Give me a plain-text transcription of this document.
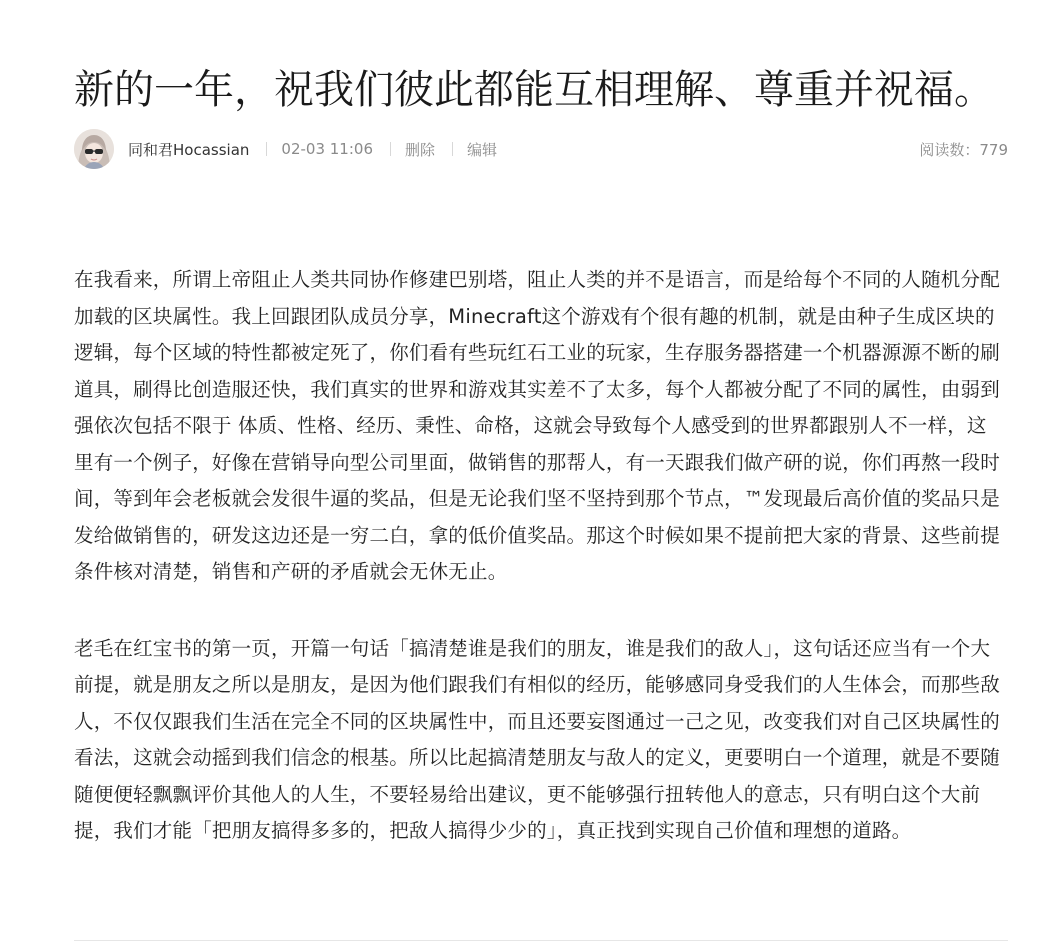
新的一年，祝我们彼此都能互相理解、尊重并祝福。
同和君Hocassian 02-03 11:06 删除 编辑	阅读数：779

在我看来，所谓上帝阻止人类共同协作修建巴别塔，阻止人类的并不是语言，而是给每个不同的人随机分配加载的区块属性。我上回跟团队成员分享，Minecraft这个游戏有个很有趣的机制，就是由种子生成区块的逻辑，每个区域的特性都被定死了，你们看有些玩红石工业的玩家，生存服务器搭建一个机器源源不断的刷道具，刷得比创造服还快，我们真实的世界和游戏其实差不了太多，每个人都被分配了不同的属性，由弱到强依次包括不限于 体质、性格、经历、秉性、命格，这就会导致每个人感受到的世界都跟别人不一样，这里有一个例子，好像在营销导向型公司里面，做销售的那帮人，有一天跟我们做产研的说，你们再熬一段时间，等到年会老板就会发很牛逼的奖品，但是无论我们坚不坚持到那个节点，™发现最后高价值的奖品只是发给做销售的，研发这边还是一穷二白，拿的低价值奖品。那这个时候如果不提前把大家的背景、这些前提条件核对清楚，销售和产研的矛盾就会无休无止。

老毛在红宝书的第一页，开篇一句话「搞清楚谁是我们的朋友，谁是我们的敌人」，这句话还应当有一个大前提，就是朋友之所以是朋友，是因为他们跟我们有相似的经历，能够感同身受我们的人生体会，而那些敌人，不仅仅跟我们生活在完全不同的区块属性中，而且还要妄图通过一己之见，改变我们对自己区块属性的看法，这就会动摇到我们信念的根基。所以比起搞清楚朋友与敌人的定义，更要明白一个道理，就是不要随随便便轻飘飘评价其他人的人生，不要轻易给出建议，更不能够强行扭转他人的意志，只有明白这个大前提，我们才能「把朋友搞得多多的，把敌人搞得少少的」，真正找到实现自己价值和理想的道路。
